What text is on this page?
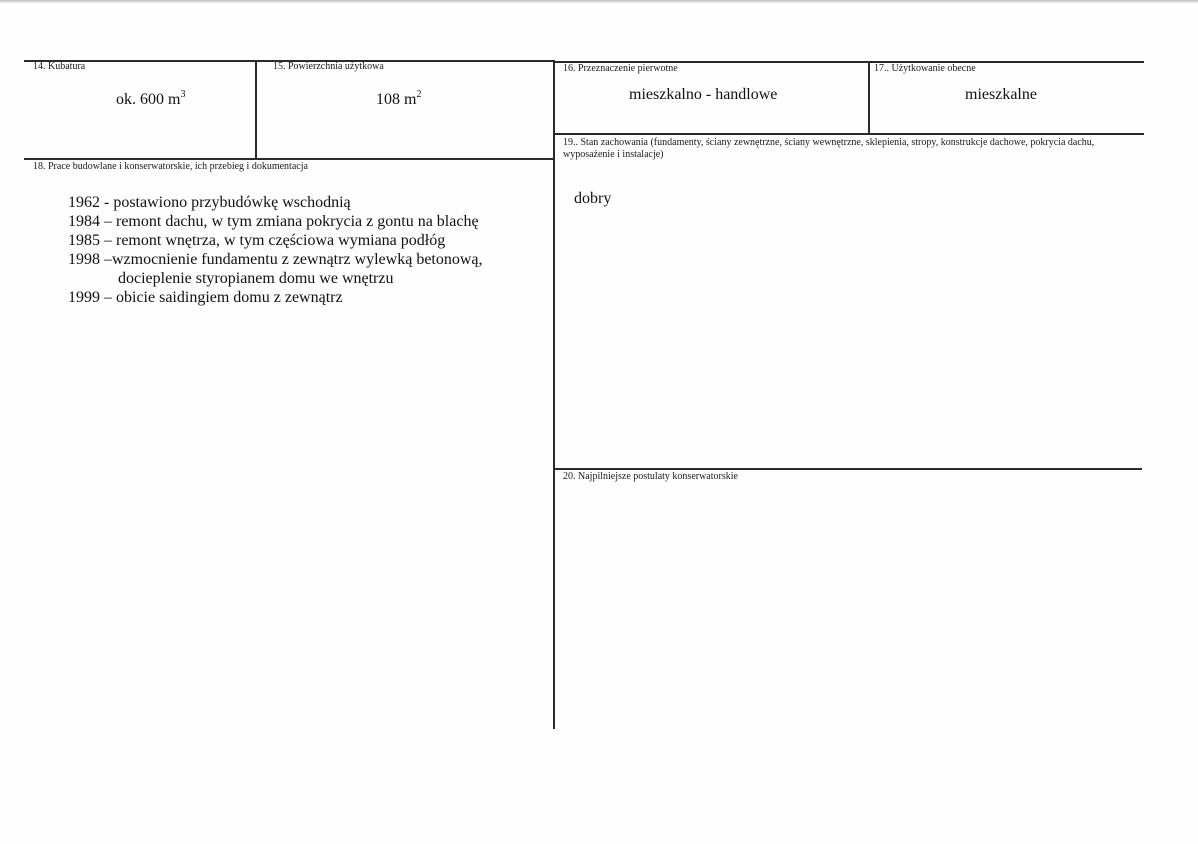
14. Kubatura
ok. 600 $m^3$
15. Powierzchnia użytkowa
108 $m^2$
16. Przeznaczenie pierwotne
mieszkalno - handlowe
17.. Użytkowanie obecne
mieszkalne
18. Prace budowlane i konserwatorskie, ich przebieg i dokumentacja
1962 - postawiono przybudówkę wschodnią
1984 – remont dachu, w tym zmiana pokrycia z gontu na blachę
1985 – remont wnętrza, w tym częściowa wymiana podłóg
1998 –wzmocnienie fundamentu z zewnątrz wylewką betonową,
docieplenie styropianem domu we wnętrzu
1999 – obicie saidingiem domu z zewnątrz
19.. Stan zachowania (fundamenty, ściany zewnętrzne, ściany wewnętrzne, sklepienia, stropy, konstrukcje dachowe, pokrycia dachu, wyposażenie i instalacje)
dobry
20. Najpilniejsze postulaty konserwatorskie
